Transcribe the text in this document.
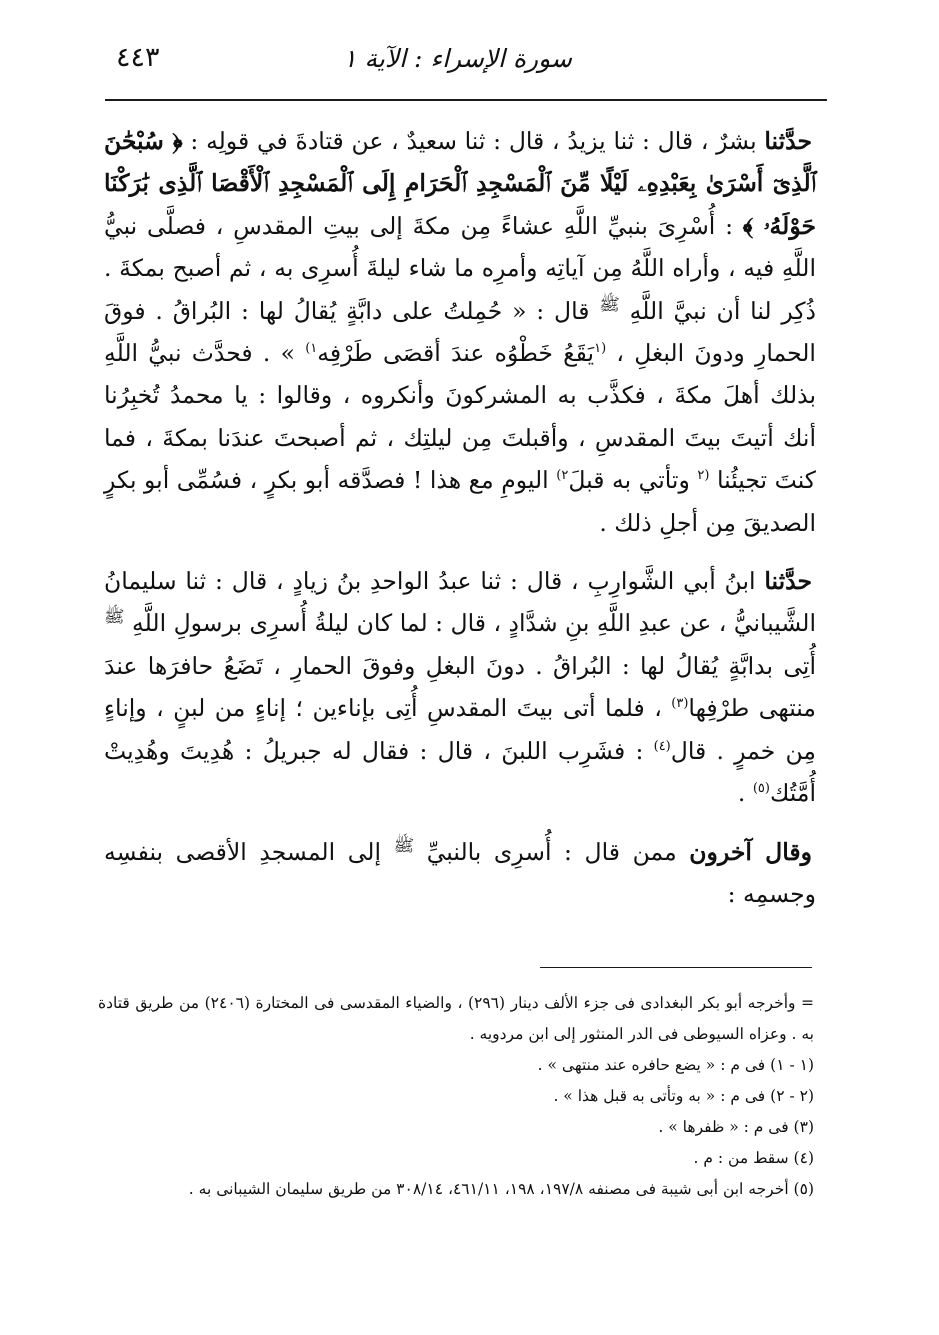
سورة الإسراء : الآية ١
٤٤٣

حدَّثنا بشرٌ ، قال : ثنا يزيدُ ، قال : ثنا سعيدٌ ، عن قتادةَ في قولِه : ﴿ سُبْحَٰنَ ٱلَّذِىٓ أَسْرَىٰ بِعَبْدِهِۦ لَيْلًا مِّنَ ٱلْمَسْجِدِ ٱلْحَرَامِ إِلَى ٱلْمَسْجِدِ ٱلْأَقْصَا ٱلَّذِى بَٰرَكْنَا حَوْلَهُۥ ﴾ : أُسْرِىَ بنبيِّ اللَّهِ عشاءً مِن مكةَ إلى بيتِ المقدسِ ، فصلَّى نبيُّ اللَّهِ فيه ، وأراه اللَّهُ مِن آياتِه وأمرِه ما شاء ليلةَ أُسرِى به ، ثم أصبح بمكةَ . ذُكِر لنا أن نبيَّ اللَّهِ $^ﷺ$ قال : « حُمِلتُ على دابَّةٍ يُقالُ لها : البُراقُ . فوقَ الحمارِ ودونَ البغلِ ، $^{(١}$يَقَعُ خَطْوُه عندَ أقصَى طَرْفِه$^{١)}$ » . فحدَّث نبيُّ اللَّهِ بذلك أهلَ مكةَ ، فكذَّب به المشركونَ وأنكروه ، وقالوا : يا محمدُ تُخبِرُنا أنك أتيتَ بيتَ المقدسِ ، وأقبلتَ مِن ليلتِك ، ثم أصبحتَ عندَنا بمكةَ ، فما كنتَ تجيئُنا $^{(٢}$ وتأتي به قبلَ$^{٢)}$ اليومِ مع هذا ! فصدَّقه أبو بكرٍ ، فسُمِّى أبو بكرٍ الصديقَ مِن أجلِ ذلك .

حدَّثنا ابنُ أبي الشَّوارِبِ ، قال : ثنا عبدُ الواحدِ بنُ زيادٍ ، قال : ثنا سليمانُ الشَّيبانيُّ ، عن عبدِ اللَّهِ بنِ شدَّادٍ ، قال : لما كان ليلةُ أُسرِى برسولِ اللَّهِ $^ﷺ$ أُتِى بدابَّةٍ يُقالُ لها : البُراقُ . دونَ البغلِ وفوقَ الحمارِ ، تَضَعُ حافرَها عندَ منتهى طرْفِها$^{(٣)}$ ، فلما أتى بيتَ المقدسِ أُتِى بإناءين ؛ إناءٍ من لبنٍ ، وإناءٍ مِن خمرٍ . قال$^{(٤)}$ : فشَرِب اللبنَ ، قال : فقال له جبريلُ : هُدِيتَ وهُدِيتْ أُمَّتُك$^{(٥)}$ .

وقال آخرون ممن قال : أُسرِى بالنبيِّ $^ﷺ$ إلى المسجدِ الأقصى بنفسِه وجسمِه :

= وأخرجه أبو بكر البغدادى فى جزء الألف دينار (٢٩٦) ، والضياء المقدسى فى المختارة (٢٤٠٦) من طريق قتادة به . وعزاه السيوطى فى الدر المنثور إلى ابن مردويه .

(١ - ١) فى م : « يضع حافره عند منتهى » .

(٢ - ٢) فى م : « به وتأتى به قبل هذا » .

(٣) فى م : « ظفرها » .

(٤) سقط من : م .

(٥) أخرجه ابن أبى شيبة فى مصنفه ١٩٧/٨، ١٩٨، ٤٦١/١١، ٣٠٨/١٤ من طريق سليمان الشيبانى به .
